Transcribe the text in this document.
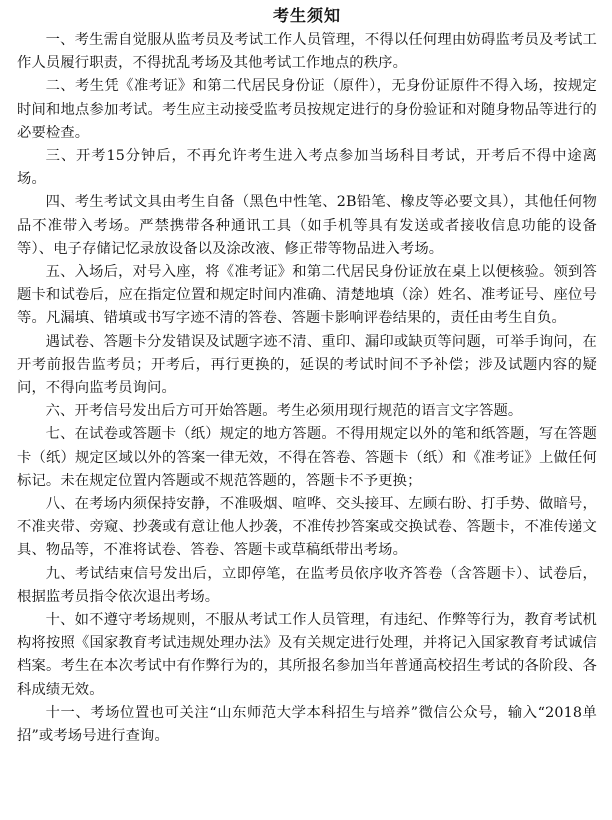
考生须知

一、考生需自觉服从监考员及考试工作人员管理，不得以任何理由妨碍监考员及考试工作人员履行职责，不得扰乱考场及其他考试工作地点的秩序。

二、考生凭《准考证》和第二代居民身份证（原件），无身份证原件不得入场，按规定时间和地点参加考试。考生应主动接受监考员按规定进行的身份验证和对随身物品等进行的必要检查。

三、开考15分钟后，不再允许考生进入考点参加当场科目考试，开考后不得中途离场。

四、考生考试文具由考生自备（黑色中性笔、2B铅笔、橡皮等必要文具），其他任何物品不准带入考场。严禁携带各种通讯工具（如手机等具有发送或者接收信息功能的设备等）、电子存储记忆录放设备以及涂改液、修正带等物品进入考场。

五、入场后，对号入座，将《准考证》和第二代居民身份证放在桌上以便核验。领到答题卡和试卷后，应在指定位置和规定时间内准确、清楚地填（涂）姓名、准考证号、座位号等。凡漏填、错填或书写字迹不清的答卷、答题卡影响评卷结果的，责任由考生自负。

遇试卷、答题卡分发错误及试题字迹不清、重印、漏印或缺页等问题，可举手询问，在开考前报告监考员；开考后，再行更换的，延误的考试时间不予补偿；涉及试题内容的疑问，不得向监考员询问。

六、开考信号发出后方可开始答题。考生必须用现行规范的语言文字答题。

七、在试卷或答题卡（纸）规定的地方答题。不得用规定以外的笔和纸答题，写在答题卡（纸）规定区域以外的答案一律无效，不得在答卷、答题卡（纸）和《准考证》上做任何标记。未在规定位置内答题或不规范答题的，答题卡不予更换；

八、在考场内须保持安静，不准吸烟、喧哗、交头接耳、左顾右盼、打手势、做暗号，不准夹带、旁窥、抄袭或有意让他人抄袭，不准传抄答案或交换试卷、答题卡，不准传递文具、物品等，不准将试卷、答卷、答题卡或草稿纸带出考场。

九、考试结束信号发出后，立即停笔，在监考员依序收齐答卷（含答题卡）、试卷后，根据监考员指令依次退出考场。

十、如不遵守考场规则，不服从考试工作人员管理，有违纪、作弊等行为，教育考试机构将按照《国家教育考试违规处理办法》及有关规定进行处理，并将记入国家教育考试诚信档案。考生在本次考试中有作弊行为的，其所报名参加当年普通高校招生考试的各阶段、各科成绩无效。

十一、考场位置也可关注“山东师范大学本科招生与培养”微信公众号，输入“2018单招”或考场号进行查询。
